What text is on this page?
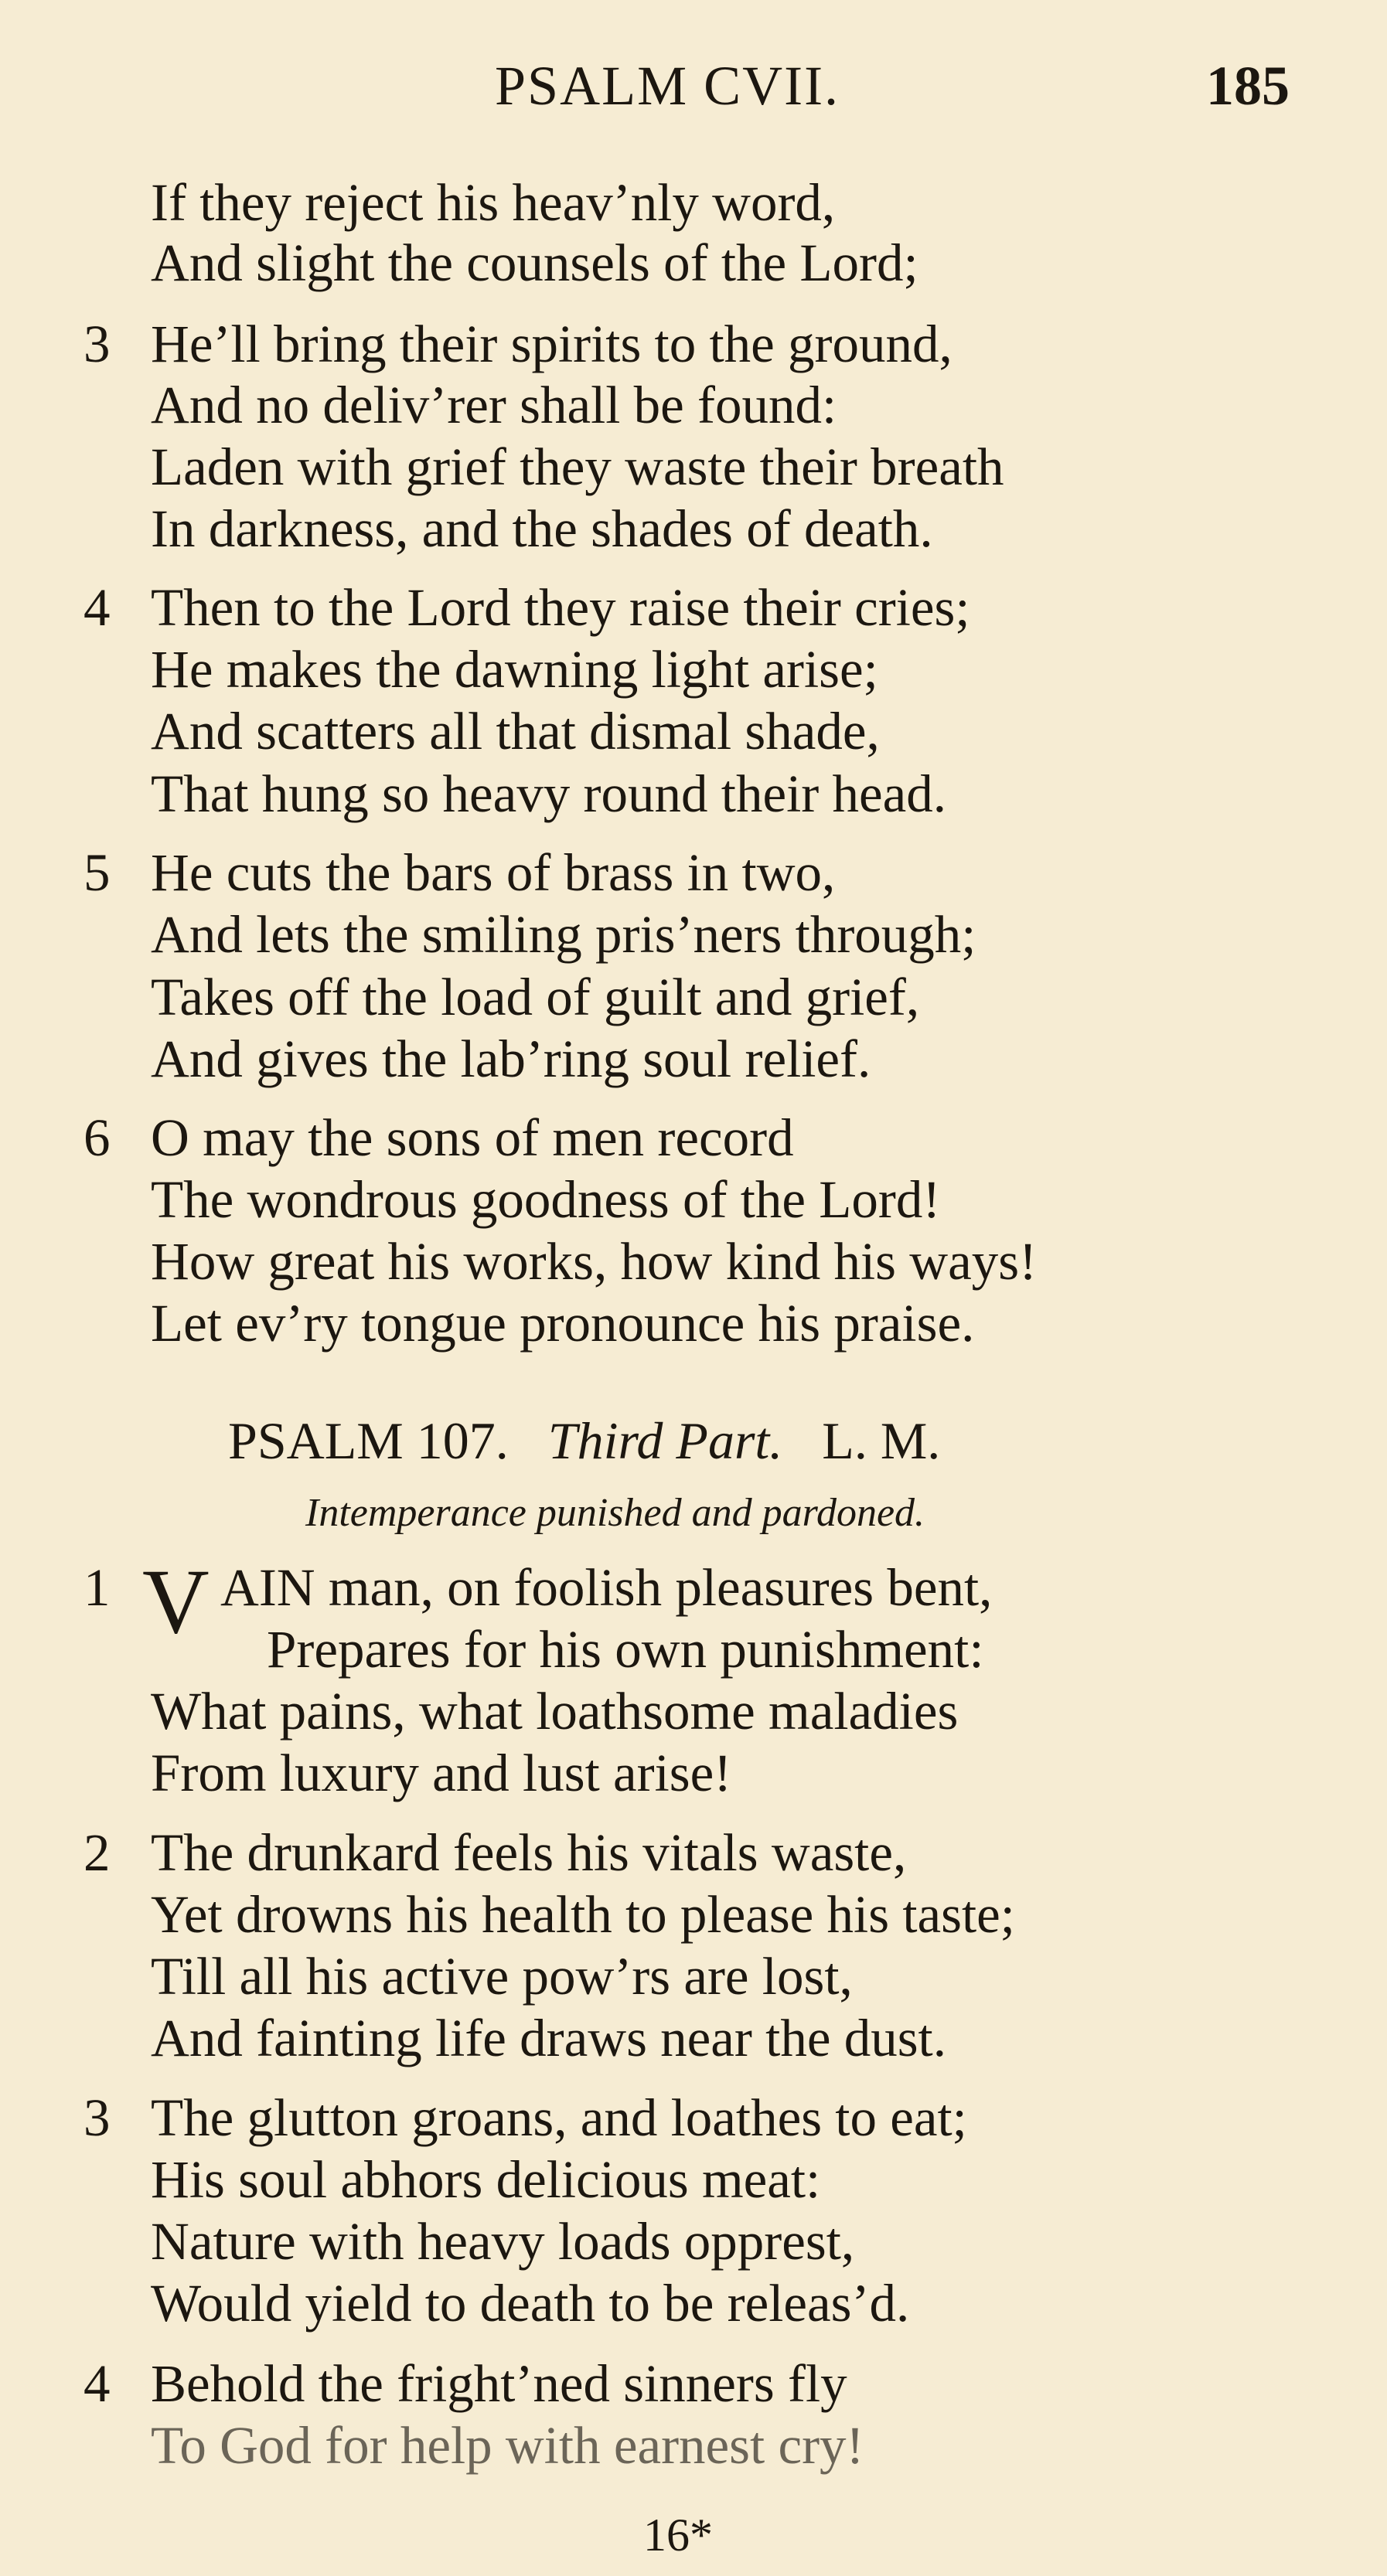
PSALM CVII.	185
If they reject his heav’nly word,
And slight the counsels of the Lord;
3 He’ll bring their spirits to the ground,
And no deliv’rer shall be found:
Laden with grief they waste their breath
In darkness, and the shades of death.
4 Then to the Lord they raise their cries;
He makes the dawning light arise;
And scatters all that dismal shade,
That hung so heavy round their head.
5 He cuts the bars of brass in two,
And lets the smiling pris’ners through;
Takes off the load of guilt and grief,
And gives the lab’ring soul relief.
6 O may the sons of men record
The wondrous goodness of the Lord!
How great his works, how kind his ways!
Let ev’ry tongue pronounce his praise.
PSALM 107. Third Part. L. M.
Intemperance punished and pardoned.
1 V AIN man, on foolish pleasures bent,
Prepares for his own punishment:
What pains, what loathsome maladies
From luxury and lust arise!
2 The drunkard feels his vitals waste,
Yet drowns his health to please his taste;
Till all his active pow’rs are lost,
And fainting life draws near the dust.
3 The glutton groans, and loathes to eat;
His soul abhors delicious meat:
Nature with heavy loads opprest,
Would yield to death to be releas’d.
4 Behold the fright’ned sinners fly
To God for help with earnest cry!
16*
